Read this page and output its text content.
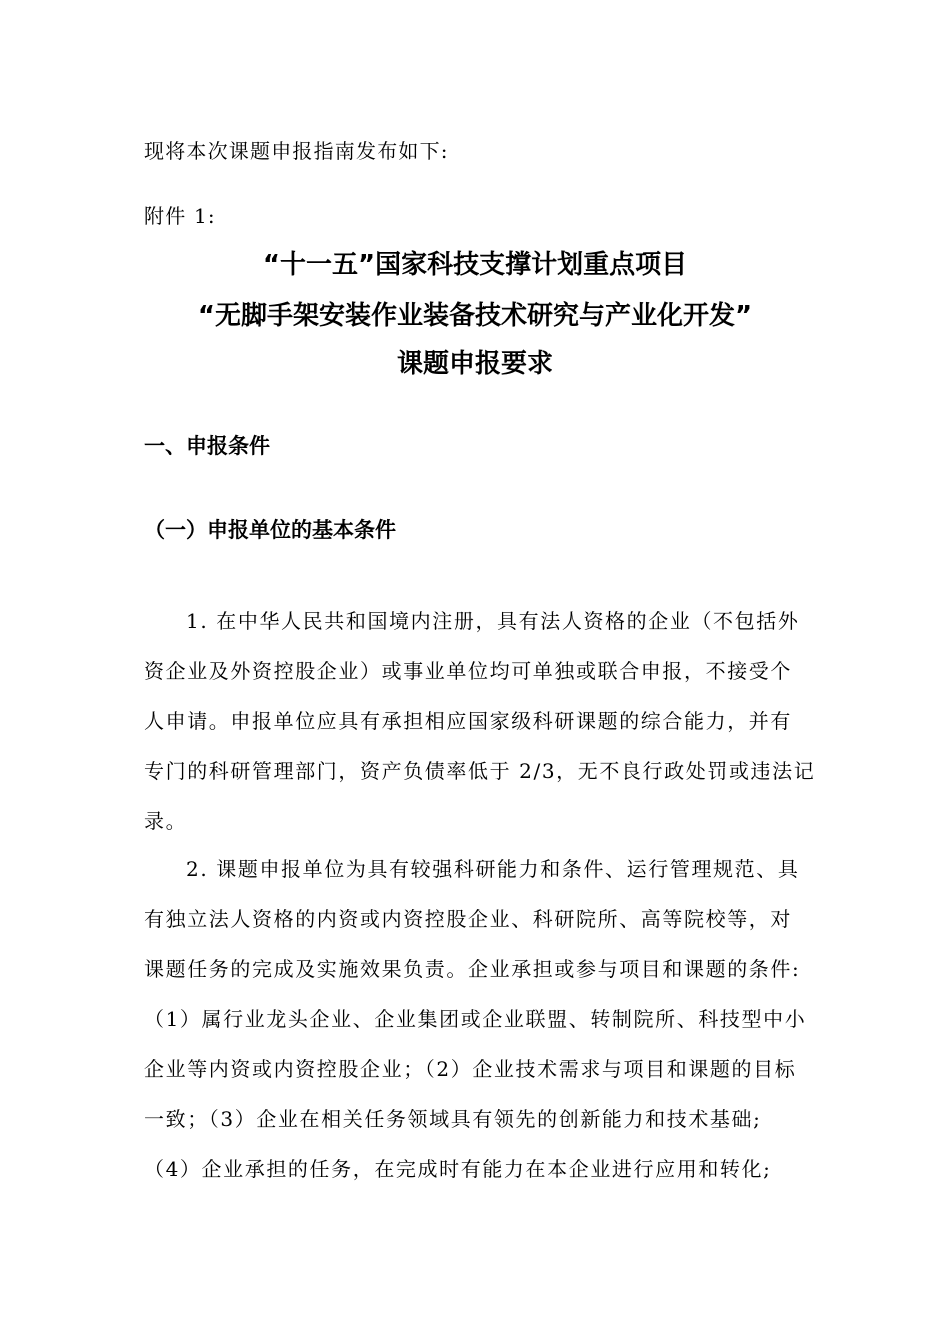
现将本次课题申报指南发布如下:
附件 1:
“十一五”国家科技支撑计划重点项目
“无脚手架安装作业装备技术研究与产业化开发”
课题申报要求
一、申报条件
（一）申报单位的基本条件
1. 在中华人民共和国境内注册，具有法人资格的企业（不包括外
资企业及外资控股企业）或事业单位均可单独或联合申报，不接受个
人申请。申报单位应具有承担相应国家级科研课题的综合能力，并有
专门的科研管理部门，资产负债率低于 2/3，无不良行政处罚或违法记
录。
2. 课题申报单位为具有较强科研能力和条件、运行管理规范、具
有独立法人资格的内资或内资控股企业、科研院所、高等院校等，对
课题任务的完成及实施效果负责。企业承担或参与项目和课题的条件:
（1）属行业龙头企业、企业集团或企业联盟、转制院所、科技型中小
企业等内资或内资控股企业；（2）企业技术需求与项目和课题的目标
一致；（3）企业在相关任务领域具有领先的创新能力和技术基础;
（4）企业承担的任务，在完成时有能力在本企业进行应用和转化;
